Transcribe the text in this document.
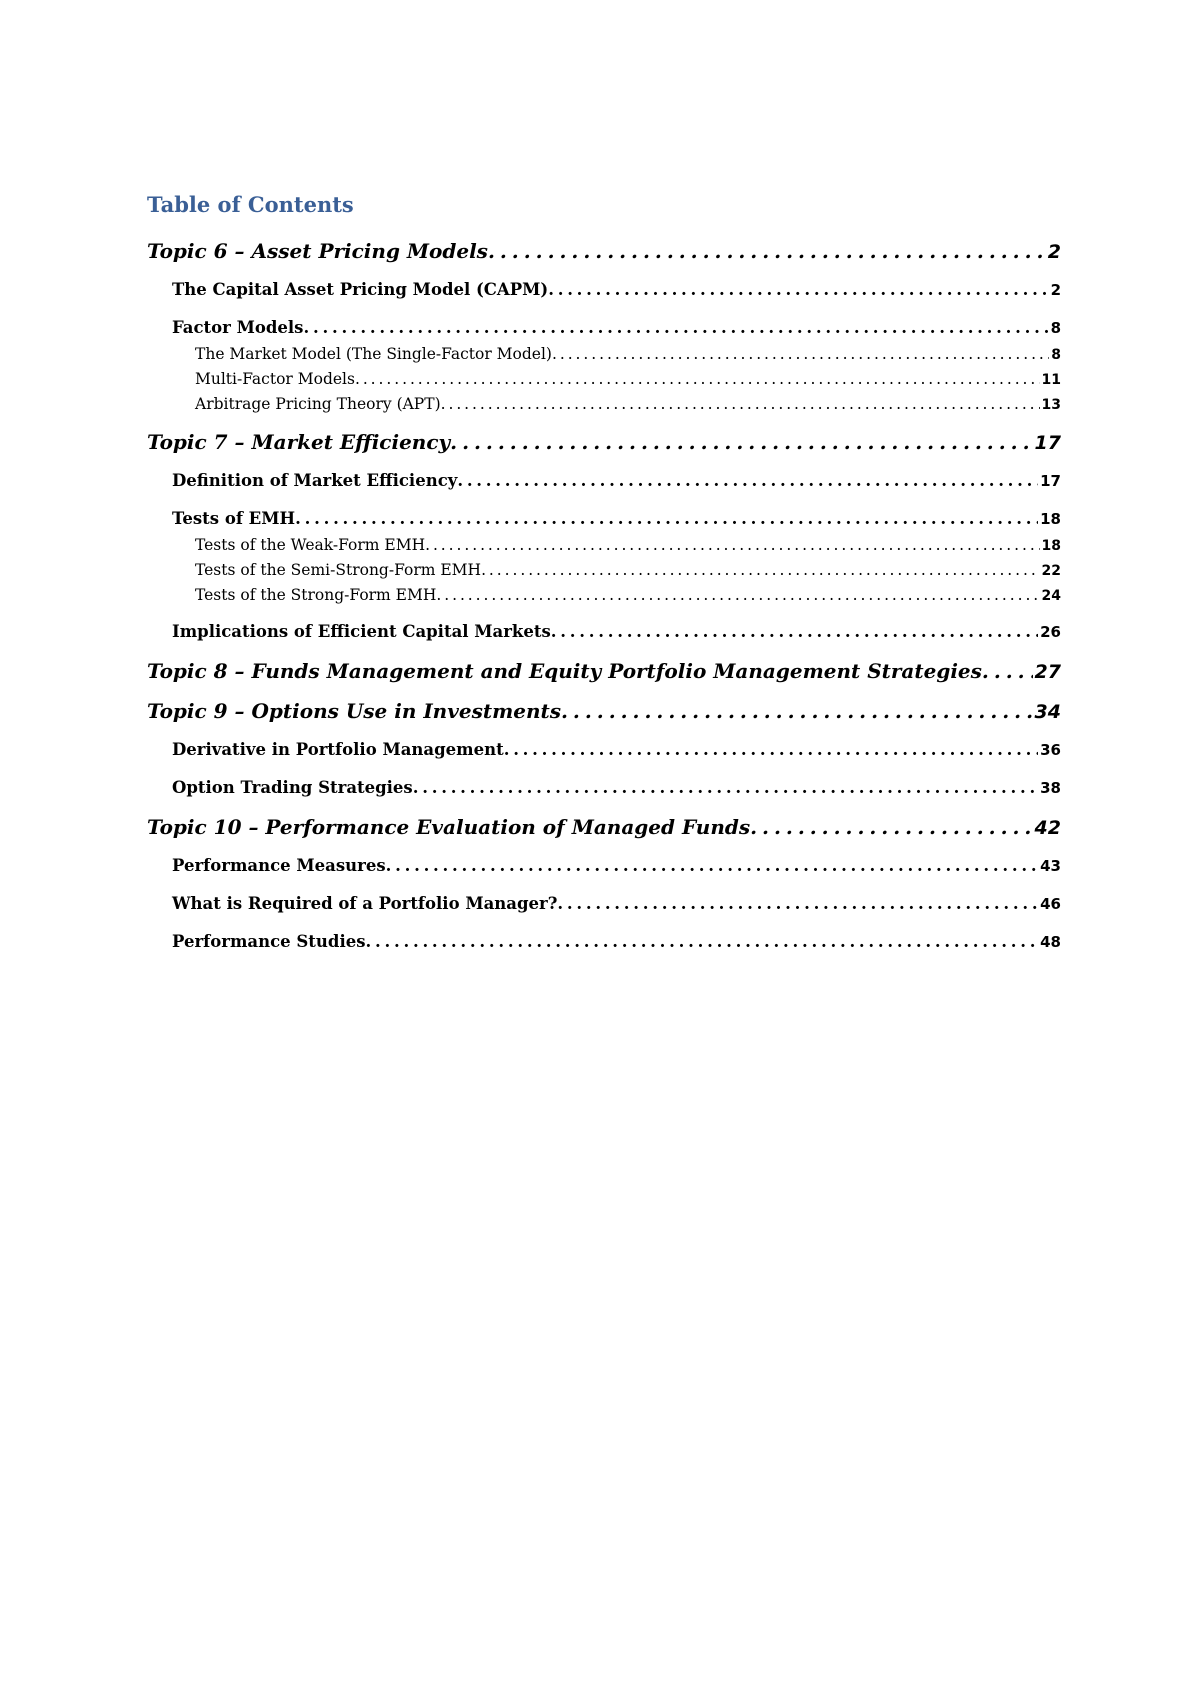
Table of Contents
Topic 6 – Asset Pricing Models . . .	2
The Capital Asset Pricing Model (CAPM) . . .	2
Factor Models . . .	8
The Market Model (The Single-Factor Model) . . .	8
Multi-Factor Models . . .	11
Arbitrage Pricing Theory (APT) . . .	13
Topic 7 – Market Efficiency . . .	17
Definition of Market Efficiency . . .	17
Tests of EMH . . .	18
Tests of the Weak-Form EMH . . .	18
Tests of the Semi-Strong-Form EMH . . .	22
Tests of the Strong-Form EMH . . .	24
Implications of Efficient Capital Markets . . .	26
Topic 8 – Funds Management and Equity Portfolio Management Strategies . . .	27
Topic 9 – Options Use in Investments . . .	34
Derivative in Portfolio Management . . .	36
Option Trading Strategies . . .	38
Topic 10 – Performance Evaluation of Managed Funds . . .	42
Performance Measures . . .	43
What is Required of a Portfolio Manager? . . .	46
Performance Studies . . .	48
